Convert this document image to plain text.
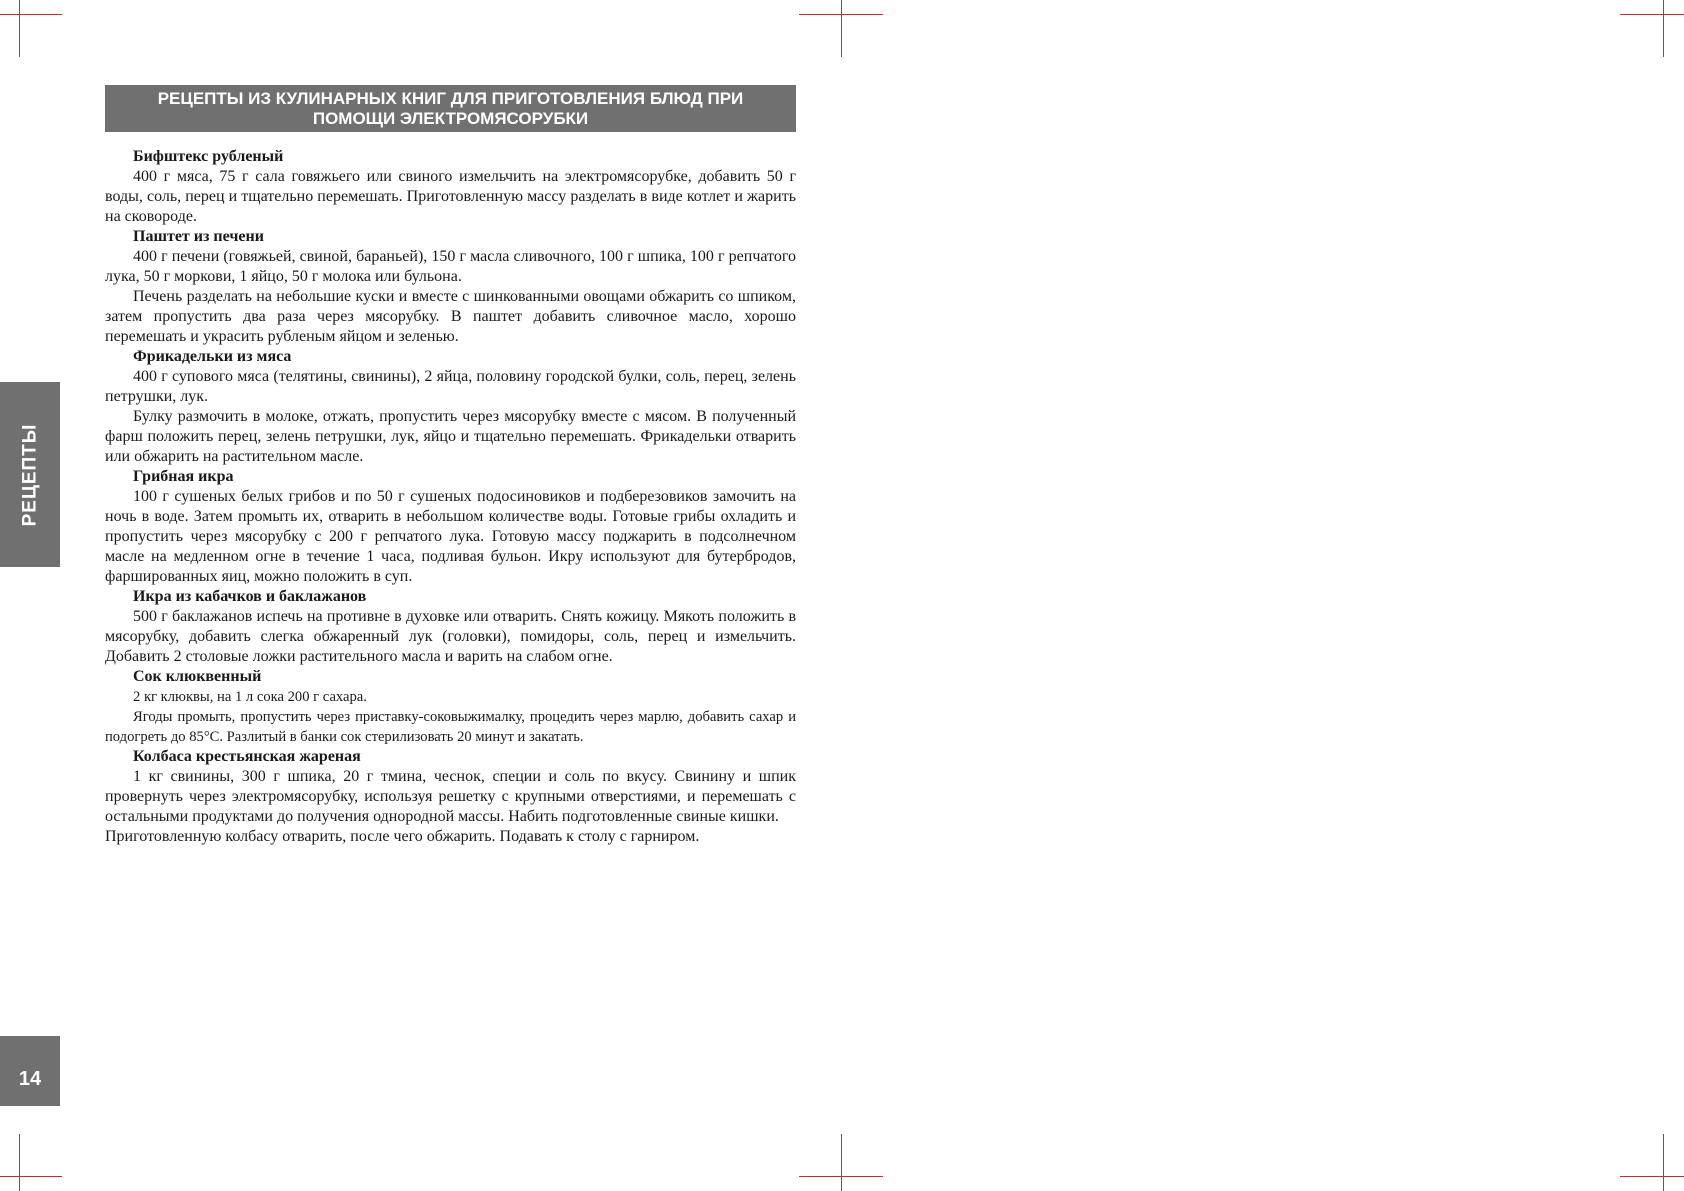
РЕЦЕПТЫ ИЗ КУЛИНАРНЫХ КНИГ ДЛЯ ПРИГОТОВЛЕНИЯ БЛЮД ПРИ ПОМОЩИ ЭЛЕКТРОМЯСОРУБКИ

Бифштекс рубленый

400 г мяса, 75 г сала говяжьего или свиного измельчить на электромясорубке, добавить 50 г воды, соль, перец и тщательно перемешать. Приготовленную массу разделать в виде котлет и жарить на сковороде.

Паштет из печени

400 г печени (говяжьей, свиной, бараньей), 150 г масла сливочного, 100 г шпика, 100 г репчатого лука, 50 г моркови, 1 яйцо, 50 г молока или бульона.

Печень разделать на небольшие куски и вместе с шинкованными овощами обжарить со шпиком, затем пропустить два раза через мясорубку. В паштет добавить сливочное масло, хорошо перемешать и украсить рубленым яйцом и зеленью.

Фрикадельки из мяса

400 г супового мяса (телятины, свинины), 2 яйца, половину городской булки, соль, перец, зелень петрушки, лук.

Булку размочить в молоке, отжать, пропустить через мясорубку вместе с мясом. В полученный фарш положить перец, зелень петрушки, лук, яйцо и тщательно перемешать. Фрикадельки отварить или обжарить на растительном масле.

Грибная икра

100 г сушеных белых грибов и по 50 г сушеных подосиновиков и подберезовиков замочить на ночь в воде. Затем промыть их, отварить в небольшом количестве воды. Готовые грибы охладить и пропустить через мясорубку с 200 г репчатого лука. Готовую массу поджарить в подсолнечном масле на медленном огне в течение 1 часа, подливая бульон. Икру используют для бутербродов, фаршированных яиц, можно положить в суп.

Икра из кабачков и баклажанов

500 г баклажанов испечь на противне в духовке или отварить. Снять кожицу. Мякоть положить в мясорубку, добавить слегка обжаренный лук (головки), помидоры, соль, перец и измельчить. Добавить 2 столовые ложки растительного масла и варить на слабом огне.

Сок клюквенный

2 кг клюквы, на 1 л сока 200 г сахара.

Ягоды промыть, пропустить через приставку-соковыжималку, процедить через марлю, добавить сахар и подогреть до 85°С. Разлитый в банки сок стерилизовать 20 минут и закатать.

Колбаса крестьянская жареная

1 кг свинины, 300 г шпика, 20 г тмина, чеснок, специи и соль по вкусу. Свинину и шпик провернуть через электромясорубку, используя решетку с крупными отверстиями, и перемешать с остальными продуктами до получения однородной массы. Набить подготовленные свиные кишки.

Приготовленную колбасу отварить, после чего обжарить. Подавать к столу с гарниром.

РЕЦЕПТЫ
14
